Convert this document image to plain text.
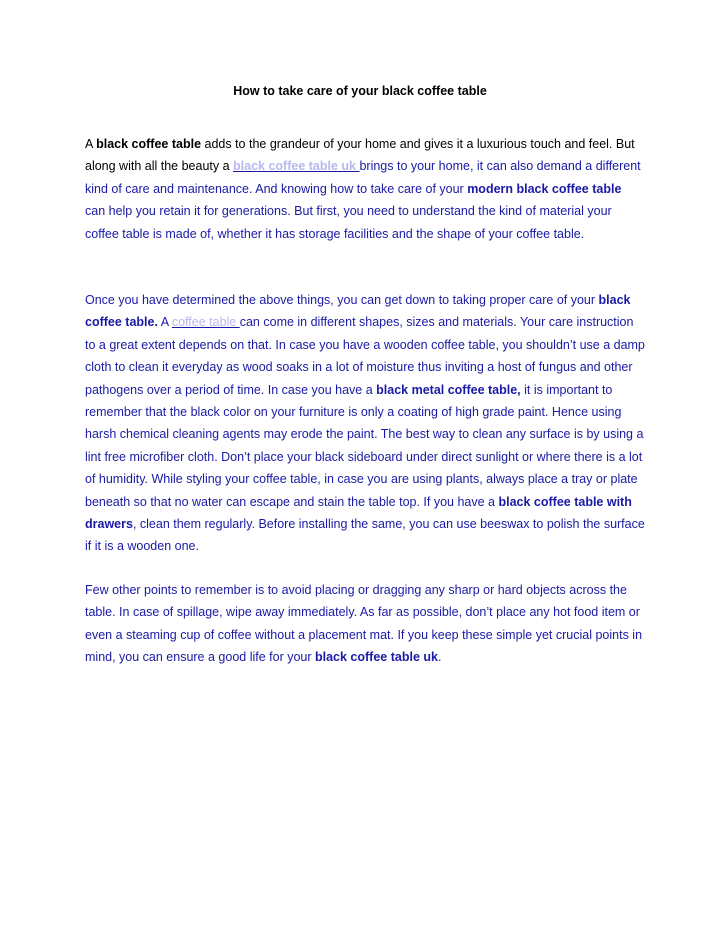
How to take care of your black coffee table

A black coffee table adds to the grandeur of your home and gives it a luxurious touch and feel. But along with all the beauty a black coffee table uk brings to your home, it can also demand a different kind of care and maintenance. And knowing how to take care of your modern black coffee table can help you retain it for generations. But first, you need to understand the kind of material your coffee table is made of, whether it has storage facilities and the shape of your coffee table.

Once you have determined the above things, you can get down to taking proper care of your black coffee table. A coffee table can come in different shapes, sizes and materials. Your care instruction to a great extent depends on that. In case you have a wooden coffee table, you shouldn’t use a damp cloth to clean it everyday as wood soaks in a lot of moisture thus inviting a host of fungus and other pathogens over a period of time. In case you have a black metal coffee table, it is important to remember that the black color on your furniture is only a coating of high grade paint. Hence using harsh chemical cleaning agents may erode the paint. The best way to clean any surface is by using a lint free microfiber cloth. Don’t place your black sideboard under direct sunlight or where there is a lot of humidity. While styling your coffee table, in case you are using plants, always place a tray or plate beneath so that no water can escape and stain the table top. If you have a black coffee table with drawers, clean them regularly. Before installing the same, you can use beeswax to polish the surface if it is a wooden one.

Few other points to remember is to avoid placing or dragging any sharp or hard objects across the table. In case of spillage, wipe away immediately. As far as possible, don’t place any hot food item or even a steaming cup of coffee without a placement mat. If you keep these simple yet crucial points in mind, you can ensure a good life for your black coffee table uk.
